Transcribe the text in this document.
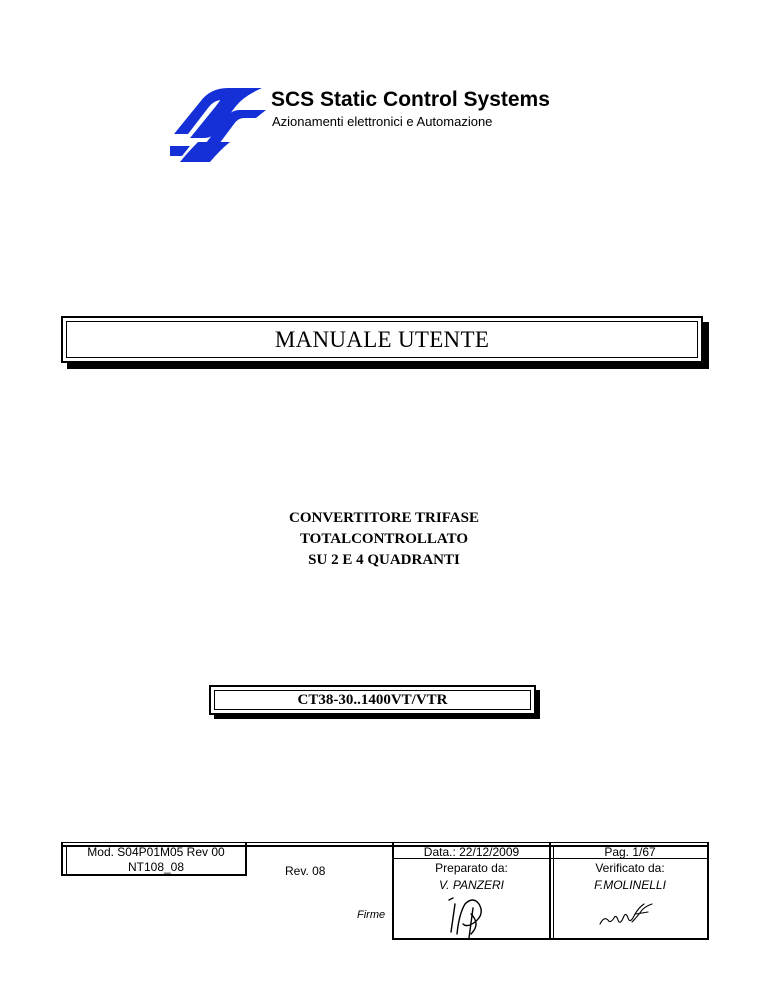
SCS Static Control Systems
Azionamenti elettronici e Automazione
MANUALE UTENTE
CONVERTITORE TRIFASE
TOTALCONTROLLATO
SU 2 E 4 QUADRANTI
CT38-30..1400VT/VTR
Mod. S04P01M05 Rev 00
NT108_08	Rev. 08
Data.: 22/12/2009
Preparato da:
V. PANZERI
Pag. 1/67
Verificato da:
F.MOLINELLI
Firme
